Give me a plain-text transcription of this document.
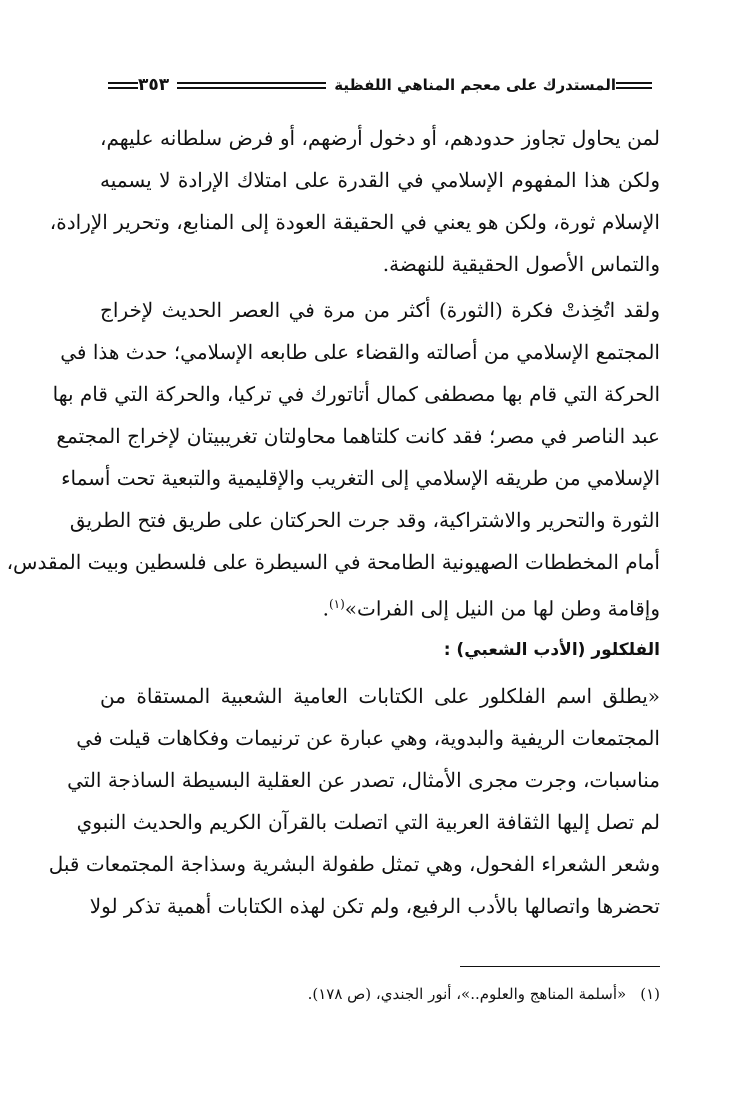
المستدرك على معجم المناهي اللفظية
٣٥٣
لمن يحاول تجاوز حدودهم، أو دخول أرضهم، أو فرض سلطانه عليهم،
ولكن هذا المفهوم الإسلامي في القدرة على امتلاك الإرادة لا يسميه
الإسلام ثورة، ولكن هو يعني في الحقيقة العودة إلى المنابع، وتحرير الإرادة،
والتماس الأصول الحقيقية للنهضة.
ولقد اتُخِذتْ فكرة (الثورة) أكثر من مرة في العصر الحديث لإخراج
المجتمع الإسلامي من أصالته والقضاء على طابعه الإسلامي؛ حدث هذا في
الحركة التي قام بها مصطفى كمال أتاتورك في تركيا، والحركة التي قام بها
عبد الناصر في مصر؛ فقد كانت كلتاهما محاولتان تغريبيتان لإخراج المجتمع
الإسلامي من طريقه الإسلامي إلى التغريب والإقليمية والتبعية تحت أسماء
الثورة والتحرير والاشتراكية، وقد جرت الحركتان على طريق فتح الطريق
أمام المخططات الصهيونية الطامحة في السيطرة على فلسطين وبيت المقدس،
وإقامة وطن لها من النيل إلى الفرات»$^{(١)}$.
الفلكلور (الأدب الشعبي) :
«يطلق اسم الفلكلور على الكتابات العامية الشعبية المستقاة من
المجتمعات الريفية والبدوية، وهي عبارة عن ترنيمات وفكاهات قيلت في
مناسبات، وجرت مجرى الأمثال، تصدر عن العقلية البسيطة الساذجة التي
لم تصل إليها الثقافة العربية التي اتصلت بالقرآن الكريم والحديث النبوي
وشعر الشعراء الفحول، وهي تمثل طفولة البشرية وسذاجة المجتمعات قبل
تحضرها واتصالها بالأدب الرفيع، ولم تكن لهذه الكتابات أهمية تذكر لولا
(١)«أسلمة المناهج والعلوم..»، أنور الجندي، (ص ١٧٨).
